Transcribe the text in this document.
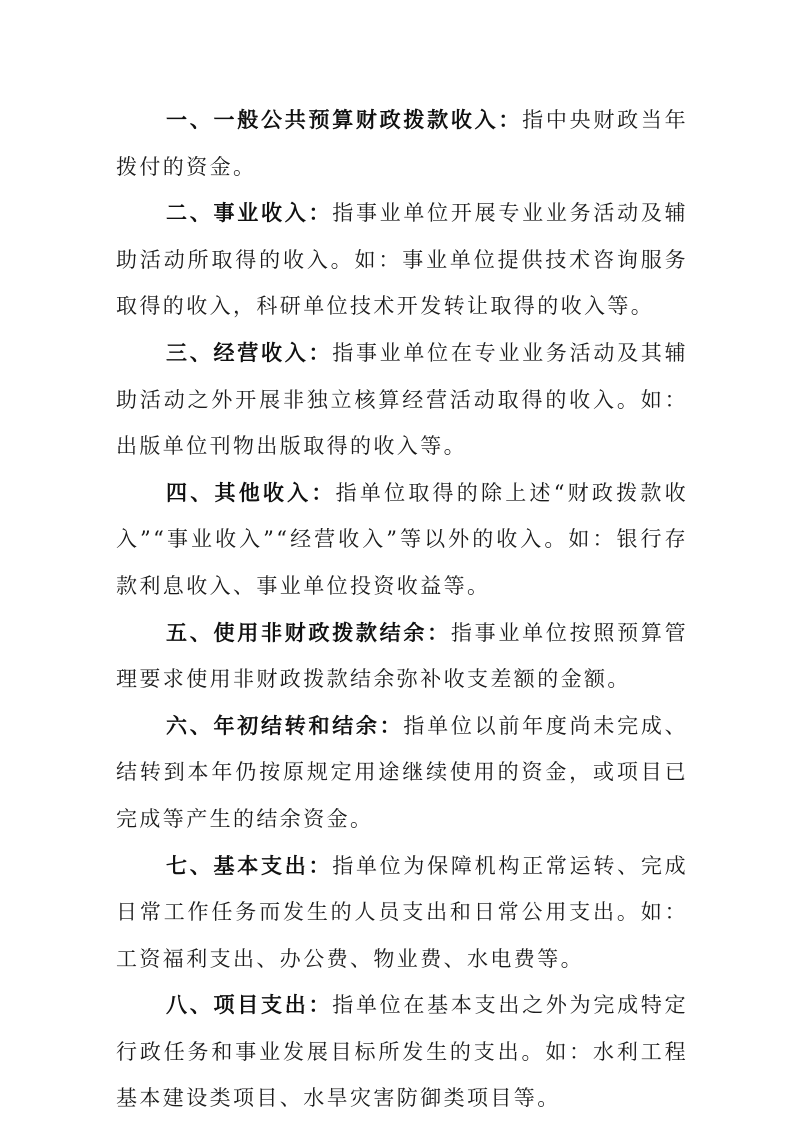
一、一般公共预算财政拨款收入：指中央财政当年拨付的资金。

二、事业收入：指事业单位开展专业业务活动及辅助活动所取得的收入。如：事业单位提供技术咨询服务取得的收入，科研单位技术开发转让取得的收入等。

三、经营收入：指事业单位在专业业务活动及其辅助活动之外开展非独立核算经营活动取得的收入。如：出版单位刊物出版取得的收入等。

四、其他收入：指单位取得的除上述“财政拨款收入”“事业收入”“经营收入”等以外的收入。如：银行存款利息收入、事业单位投资收益等。

五、使用非财政拨款结余：指事业单位按照预算管理要求使用非财政拨款结余弥补收支差额的金额。

六、年初结转和结余：指单位以前年度尚未完成、结转到本年仍按原规定用途继续使用的资金，或项目已完成等产生的结余资金。

七、基本支出：指单位为保障机构正常运转、完成日常工作任务而发生的人员支出和日常公用支出。如：工资福利支出、办公费、物业费、水电费等。

八、项目支出：指单位在基本支出之外为完成特定行政任务和事业发展目标所发生的支出。如：水利工程基本建设类项目、水旱灾害防御类项目等。
